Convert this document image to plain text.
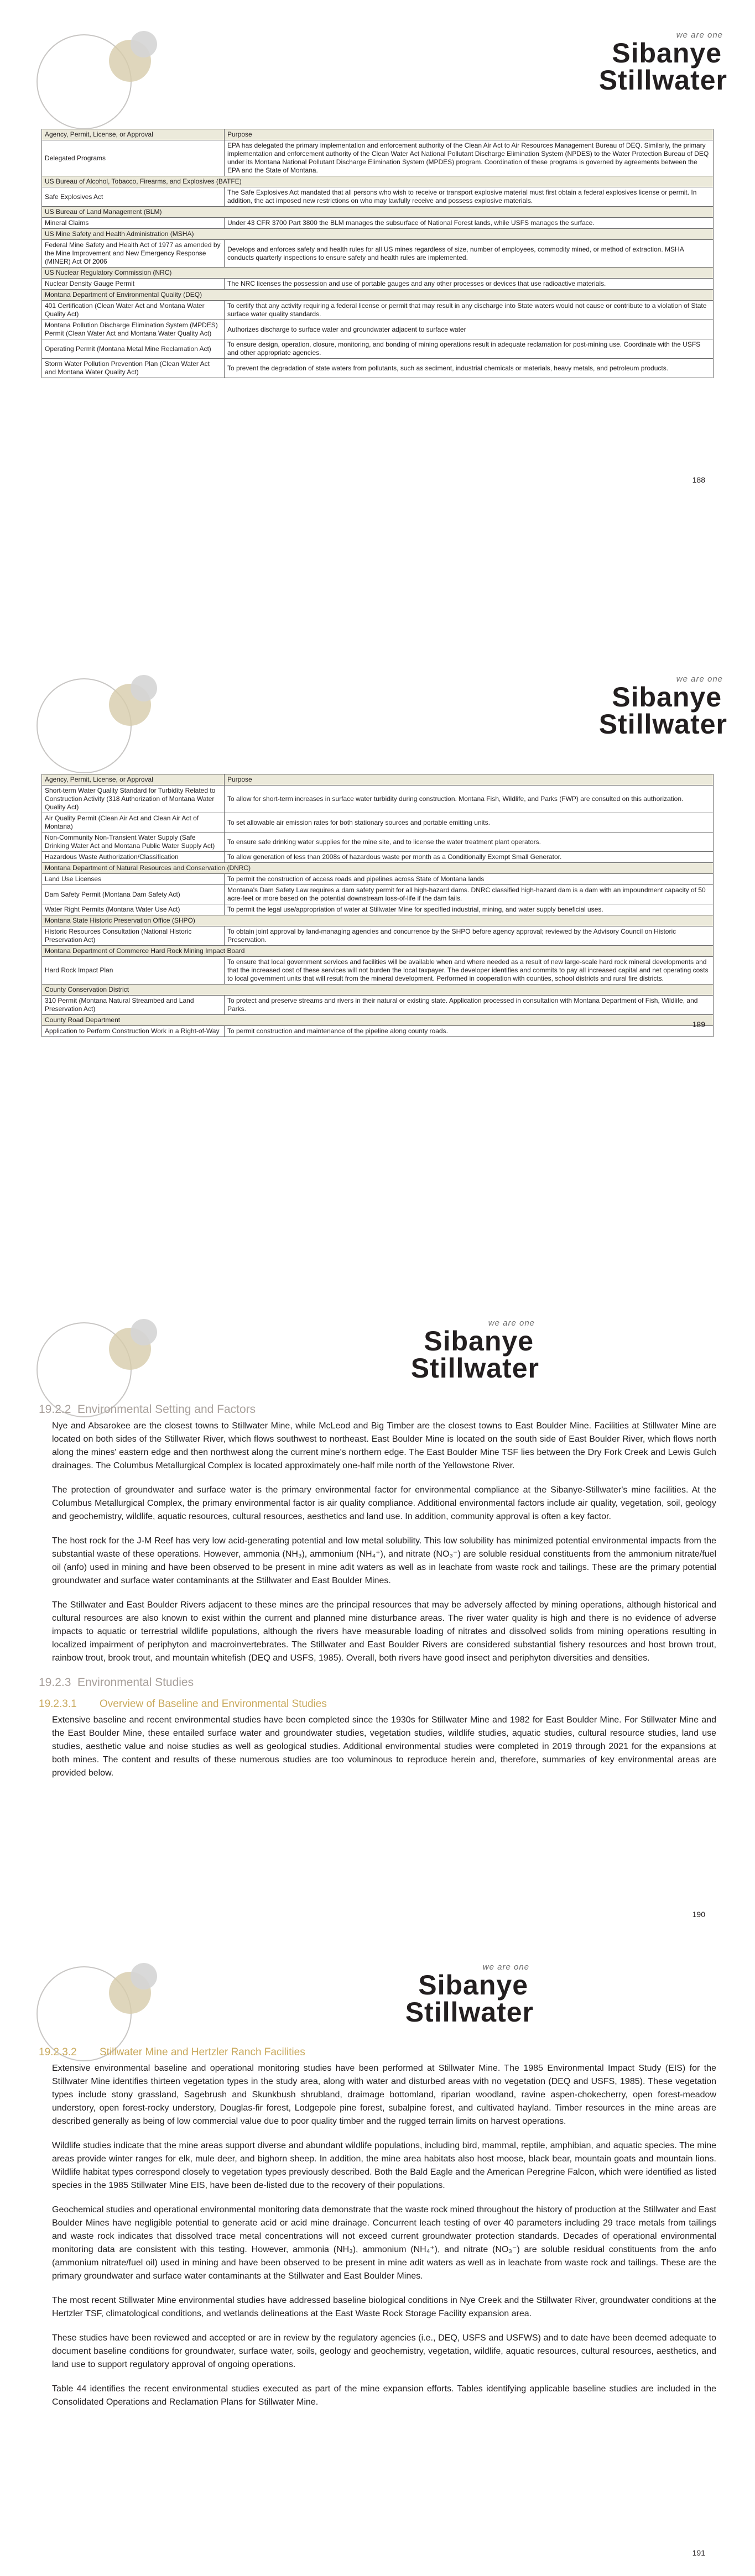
we are one
Sibanye
Stillwater
Agency, Permit, License, or Approval	Purpose
Delegated Programs	EPA has delegated the primary implementation and enforcement authority of the Clean Air Act to Air Resources Management Bureau of DEQ. Similarly, the primary implementation and enforcement authority of the Clean Water Act National Pollutant Discharge Elimination System (NPDES) to the Water Protection Bureau of DEQ under its Montana National Pollutant Discharge Elimination System (MPDES) program. Coordination of these programs is governed by agreements between the EPA and the State of Montana.
US Bureau of Alcohol, Tobacco, Firearms, and Explosives (BATFE)	
Safe Explosives Act	The Safe Explosives Act mandated that all persons who wish to receive or transport explosive material must first obtain a federal explosives license or permit. In addition, the act imposed new restrictions on who may lawfully receive and possess explosive materials.
US Bureau of Land Management (BLM)	
Mineral Claims	Under 43 CFR 3700 Part 3800 the BLM manages the subsurface of National Forest lands, while USFS manages the surface.
US Mine Safety and Health Administration (MSHA)	
Federal Mine Safety and Health Act of 1977 as amended by the Mine Improvement and New Emergency Response (MINER) Act Of 2006	Develops and enforces safety and health rules for all US mines regardless of size, number of employees, commodity mined, or method of extraction. MSHA conducts quarterly inspections to ensure safety and health rules are implemented.
US Nuclear Regulatory Commission (NRC)	
Nuclear Density Gauge Permit	The NRC licenses the possession and use of portable gauges and any other processes or devices that use radioactive materials.
Montana Department of Environmental Quality (DEQ)	
401 Certification (Clean Water Act and Montana Water Quality Act)	To certify that any activity requiring a federal license or permit that may result in any discharge into State waters would not cause or contribute to a violation of State surface water quality standards.
Montana Pollution Discharge Elimination System (MPDES) Permit (Clean Water Act and Montana Water Quality Act)	Authorizes discharge to surface water and groundwater adjacent to surface water
Operating Permit (Montana Metal Mine Reclamation Act)	To ensure design, operation, closure, monitoring, and bonding of mining operations result in adequate reclamation for post-mining use. Coordinate with the USFS and other appropriate agencies.
Storm Water Pollution Prevention Plan (Clean Water Act and Montana Water Quality Act)	To prevent the degradation of state waters from pollutants, such as sediment, industrial chemicals or materials, heavy metals, and petroleum products.
188
we are one
Sibanye
Stillwater
Agency, Permit, License, or Approval	Purpose
Short-term Water Quality Standard for Turbidity Related to Construction Activity (318 Authorization of Montana Water Quality Act)	To allow for short-term increases in surface water turbidity during construction. Montana Fish, Wildlife, and Parks (FWP) are consulted on this authorization.
Air Quality Permit (Clean Air Act and Clean Air Act of Montana)	To set allowable air emission rates for both stationary sources and portable emitting units.
Non-Community Non-Transient Water Supply (Safe Drinking Water Act and Montana Public Water Supply Act)	To ensure safe drinking water supplies for the mine site, and to license the water treatment plant operators.
Hazardous Waste Authorization/Classification	To allow generation of less than 2008s of hazardous waste per month as a Conditionally Exempt Small Generator.
Montana Department of Natural Resources and Conservation (DNRC)	
Land Use Licenses	To permit the construction of access roads and pipelines across State of Montana lands
Dam Safety Permit (Montana Dam Safety Act)	Montana's Dam Safety Law requires a dam safety permit for all high-hazard dams. DNRC classified high-hazard dam is a dam with an impoundment capacity of 50 acre-feet or more based on the potential downstream loss-of-life if the dam fails.
Water Right Permits (Montana Water Use Act)	To permit the legal use/appropriation of water at Stillwater Mine for specified industrial, mining, and water supply beneficial uses.
Montana State Historic Preservation Office (SHPO)	
Historic Resources Consultation (National Historic Preservation Act)	To obtain joint approval by land-managing agencies and concurrence by the SHPO before agency approval; reviewed by the Advisory Council on Historic Preservation.
Montana Department of Commerce Hard Rock Mining Impact Board	
Hard Rock Impact Plan	To ensure that local government services and facilities will be available when and where needed as a result of new large-scale hard rock mineral developments and that the increased cost of these services will not burden the local taxpayer. The developer identifies and commits to pay all increased capital and net operating costs to local government units that will result from the mineral development. Performed in cooperation with counties, school districts and rural fire districts.
County Conservation District	
310 Permit (Montana Natural Streambed and Land Preservation Act)	To protect and preserve streams and rivers in their natural or existing state. Application processed in consultation with Montana Department of Fish, Wildlife, and Parks.
County Road Department	
Application to Perform Construction Work in a Right-of-Way	To permit construction and maintenance of the pipeline along county roads.
189
we are one
Sibanye
Stillwater
19.2.2 Environmental Setting and Factors

Nye and Absarokee are the closest towns to Stillwater Mine, while McLeod and Big Timber are the closest towns to East Boulder Mine. Facilities at Stillwater Mine are located on both sides of the Stillwater River, which flows southwest to northeast. East Boulder Mine is located on the south side of East Boulder River, which flows north along the mines' eastern edge and then northwest along the current mine's northern edge. The East Boulder Mine TSF lies between the Dry Fork Creek and Lewis Gulch drainages. The Columbus Metallurgical Complex is located approximately one-half mile north of the Yellowstone River.

The protection of groundwater and surface water is the primary environmental factor for environmental compliance at the Sibanye-Stillwater's mine facilities. At the Columbus Metallurgical Complex, the primary environmental factor is air quality compliance. Additional environmental factors include air quality, vegetation, soil, geology and geochemistry, wildlife, aquatic resources, cultural resources, aesthetics and land use. In addition, community approval is often a key factor.

The host rock for the J-M Reef has very low acid-generating potential and low metal solubility. This low solubility has minimized potential environmental impacts from the substantial waste of these operations. However, ammonia (NH₃), ammonium (NH₄⁺), and nitrate (NO₃⁻) are soluble residual constituents from the ammonium nitrate/fuel oil (anfo) used in mining and have been observed to be present in mine adit waters as well as in leachate from waste rock and tailings. These are the primary potential groundwater and surface water contaminants at the Stillwater and East Boulder Mines.

The Stillwater and East Boulder Rivers adjacent to these mines are the principal resources that may be adversely affected by mining operations, although historical and cultural resources are also known to exist within the current and planned mine disturbance areas. The river water quality is high and there is no evidence of adverse impacts to aquatic or terrestrial wildlife populations, although the rivers have measurable loading of nitrates and dissolved solids from mining operations resulting in localized impairment of periphyton and macroinvertebrates. The Stillwater and East Boulder Rivers are considered substantial fishery resources and host brown trout, rainbow trout, brook trout, and mountain whitefish (DEQ and USFS, 1985). Overall, both rivers have good insect and periphyton diversities and densities.

19.2.3 Environmental Studies
19.2.3.1 Overview of Baseline and Environmental Studies

Extensive baseline and recent environmental studies have been completed since the 1930s for Stillwater Mine and 1982 for East Boulder Mine. For Stillwater Mine and the East Boulder Mine, these entailed surface water and groundwater studies, vegetation studies, wildlife studies, aquatic studies, cultural resource studies, land use studies, aesthetic value and noise studies as well as geological studies. Additional environmental studies were completed in 2019 through 2021 for the expansions at both mines. The content and results of these numerous studies are too voluminous to reproduce herein and, therefore, summaries of key environmental areas are provided below.

190
we are one
Sibanye
Stillwater
19.2.3.2 Stillwater Mine and Hertzler Ranch Facilities

Extensive environmental baseline and operational monitoring studies have been performed at Stillwater Mine. The 1985 Environmental Impact Study (EIS) for the Stillwater Mine identifies thirteen vegetation types in the study area, along with water and disturbed areas with no vegetation (DEQ and USFS, 1985). These vegetation types include stony grassland, Sagebrush and Skunkbush shrubland, draimage bottomland, riparian woodland, ravine aspen-chokecherry, open forest-meadow understory, open forest-rocky understory, Douglas-fir forest, Lodgepole pine forest, subalpine forest, and cultivated hayland. Timber resources in the mine areas are described generally as being of low commercial value due to poor quality timber and the rugged terrain limits on harvest operations.

Wildlife studies indicate that the mine areas support diverse and abundant wildlife populations, including bird, mammal, reptile, amphibian, and aquatic species. The mine areas provide winter ranges for elk, mule deer, and bighorn sheep. In addition, the mine area habitats also host moose, black bear, mountain goats and mountain lions. Wildlife habitat types correspond closely to vegetation types previously described. Both the Bald Eagle and the American Peregrine Falcon, which were identified as listed species in the 1985 Stillwater Mine EIS, have been de-listed due to the recovery of their populations.

Geochemical studies and operational environmental monitoring data demonstrate that the waste rock mined throughout the history of production at the Stillwater and East Boulder Mines have negligible potential to generate acid or acid mine drainage. Concurrent leach testing of over 40 parameters including 29 trace metals from tailings and waste rock indicates that dissolved trace metal concentrations will not exceed current groundwater protection standards. Decades of operational environmental monitoring data are consistent with this testing. However, ammonia (NH₃), ammonium (NH₄⁺), and nitrate (NO₃⁻) are soluble residual constituents from the anfo (ammonium nitrate/fuel oil) used in mining and have been observed to be present in mine adit waters as well as in leachate from waste rock and tailings. These are the primary groundwater and surface water contaminants at the Stillwater and East Boulder Mines.

The most recent Stillwater Mine environmental studies have addressed baseline biological conditions in Nye Creek and the Stillwater River, groundwater conditions at the Hertzler TSF, climatological conditions, and wetlands delineations at the East Waste Rock Storage Facility expansion area.

These studies have been reviewed and accepted or are in review by the regulatory agencies (i.e., DEQ, USFS and USFWS) and to date have been deemed adequate to document baseline conditions for groundwater, surface water, soils, geology and geochemistry, vegetation, wildlife, aquatic resources, cultural resources, aesthetics, and land use to support regulatory approval of ongoing operations.

Table 44 identifies the recent environmental studies executed as part of the mine expansion efforts. Tables identifying applicable baseline studies are included in the Consolidated Operations and Reclamation Plans for Stillwater Mine.

191
